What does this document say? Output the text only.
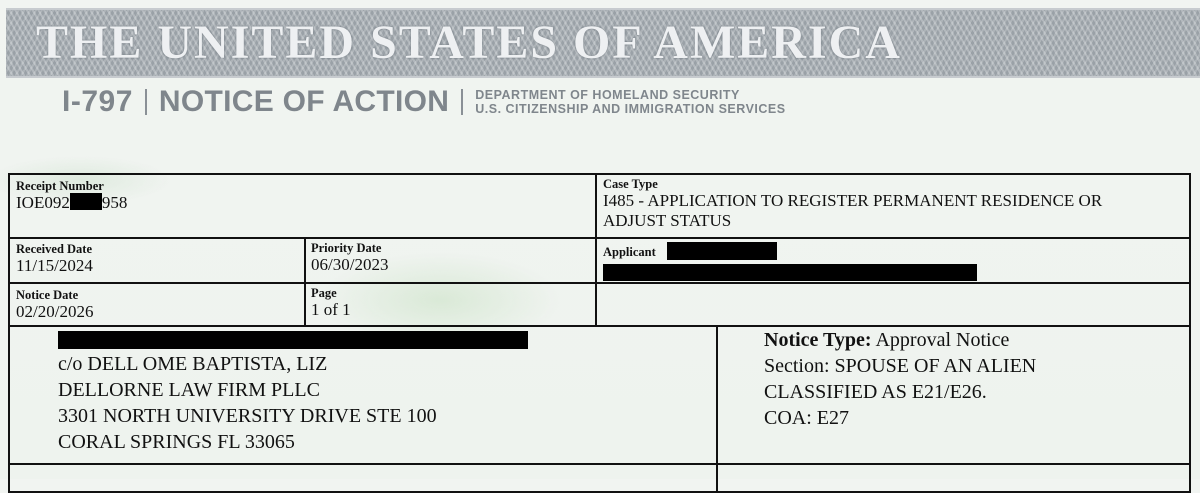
THE UNITED STATES OF AMERICA
I-797 NOTICE OF ACTION DEPARTMENT OF HOMELAND SECURITY
U.S. CITIZENSHIP AND IMMIGRATION SERVICES
Receipt Number
IOE092 958
Case Type
I485 - APPLICATION TO REGISTER PERMANENT RESIDENCE OR
ADJUST STATUS
Received Date
11/15/2024
Priority Date
06/30/2023
Applicant
Notice Date
02/20/2026
Page
1 of 1
c/o DELL OME BAPTISTA, LIZ
DELLORNE LAW FIRM PLLC
3301 NORTH UNIVERSITY DRIVE STE 100
CORAL SPRINGS FL 33065
Notice Type: Approval Notice
Section: SPOUSE OF AN ALIEN
CLASSIFIED AS E21/E26.
COA: E27
